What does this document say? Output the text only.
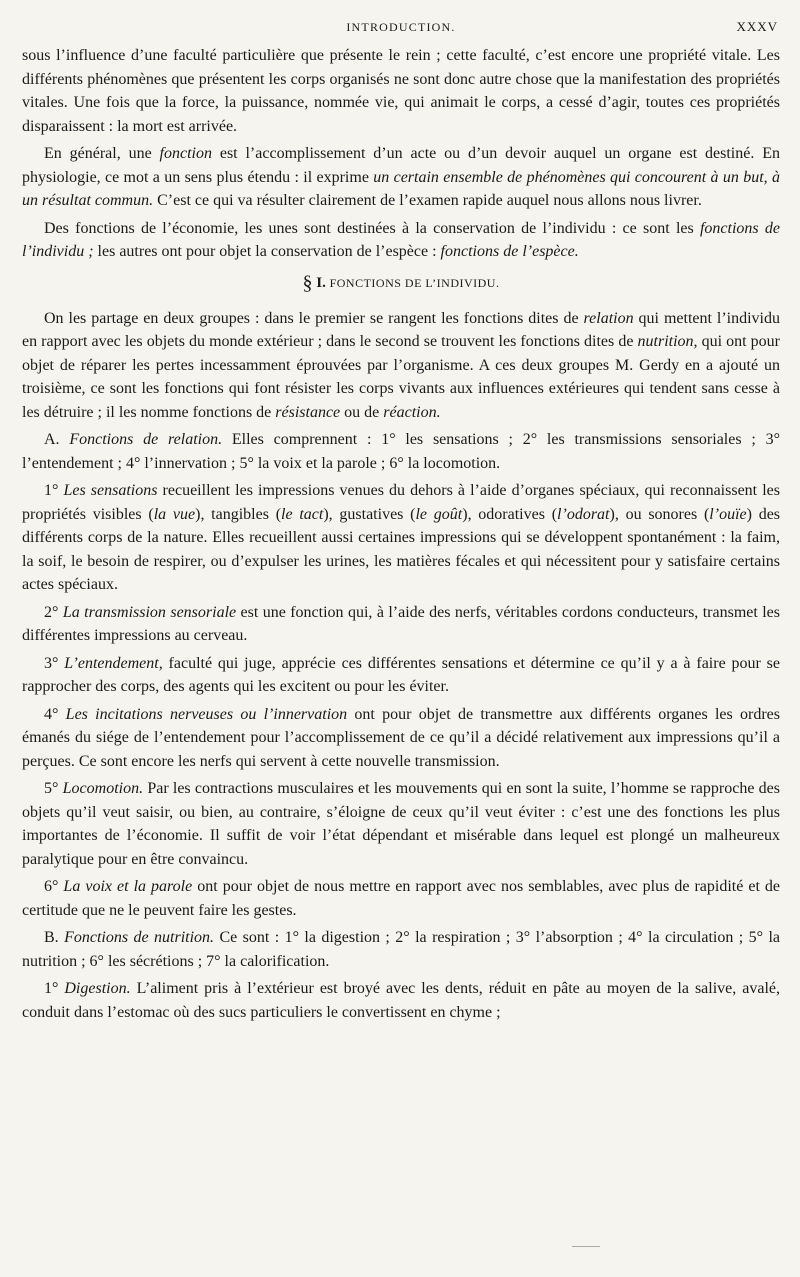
INTRODUCTION.	XXXV

sous l’influence d’une faculté particulière que présente le rein ; cette faculté, c’est encore une propriété vitale. Les différents phénomènes que présentent les corps organisés ne sont donc autre chose que la manifestation des propriétés vitales. Une fois que la force, la puissance, nommée vie, qui animait le corps, a cessé d’agir, toutes ces propriétés disparaissent : la mort est arrivée.

En général, une fonction est l’accomplissement d’un acte ou d’un devoir auquel un organe est destiné. En physiologie, ce mot a un sens plus étendu : il exprime un certain ensemble de phénomènes qui concourent à un but, à un résultat commun. C’est ce qui va résulter clairement de l’examen rapide auquel nous allons nous livrer.

Des fonctions de l’économie, les unes sont destinées à la conservation de l’individu : ce sont les fonctions de l’individu ; les autres ont pour objet la conservation de l’espèce : fonctions de l’espèce.

§ I. FONCTIONS DE L’INDIVIDU.

On les partage en deux groupes : dans le premier se rangent les fonctions dites de relation qui mettent l’individu en rapport avec les objets du monde extérieur ; dans le second se trouvent les fonctions dites de nutrition, qui ont pour objet de réparer les pertes incessamment éprouvées par l’organisme. A ces deux groupes M. Gerdy en a ajouté un troisième, ce sont les fonctions qui font résister les corps vivants aux influences extérieures qui tendent sans cesse à les détruire ; il les nomme fonctions de résistance ou de réaction.

A. Fonctions de relation. Elles comprennent : 1° les sensations ; 2° les transmissions sensoriales ; 3° l’entendement ; 4° l’innervation ; 5° la voix et la parole ; 6° la locomotion.

1° Les sensations recueillent les impressions venues du dehors à l’aide d’organes spéciaux, qui reconnaissent les propriétés visibles (la vue), tangibles (le tact), gustatives (le goût), odoratives (l’odorat), ou sonores (l’ouïe) des différents corps de la nature. Elles recueillent aussi certaines impressions qui se développent spontanément : la faim, la soif, le besoin de respirer, ou d’expulser les urines, les matières fécales et qui nécessitent pour y satisfaire certains actes spéciaux.

2° La transmission sensoriale est une fonction qui, à l’aide des nerfs, véritables cordons conducteurs, transmet les différentes impressions au cerveau.

3° L’entendement, faculté qui juge, apprécie ces différentes sensations et détermine ce qu’il y a à faire pour se rapprocher des corps, des agents qui les excitent ou pour les éviter.

4° Les incitations nerveuses ou l’innervation ont pour objet de transmettre aux différents organes les ordres émanés du siége de l’entendement pour l’accomplissement de ce qu’il a décidé relativement aux impressions qu’il a perçues. Ce sont encore les nerfs qui servent à cette nouvelle transmission.

5° Locomotion. Par les contractions musculaires et les mouvements qui en sont la suite, l’homme se rapproche des objets qu’il veut saisir, ou bien, au contraire, s’éloigne de ceux qu’il veut éviter : c’est une des fonctions les plus importantes de l’économie. Il suffit de voir l’état dépendant et misérable dans lequel est plongé un malheureux paralytique pour en être convaincu.

6° La voix et la parole ont pour objet de nous mettre en rapport avec nos semblables, avec plus de rapidité et de certitude que ne le peuvent faire les gestes.

B. Fonctions de nutrition. Ce sont : 1° la digestion ; 2° la respiration ; 3° l’absorption ; 4° la circulation ; 5° la nutrition ; 6° les sécrétions ; 7° la calorification.

1° Digestion. L’aliment pris à l’extérieur est broyé avec les dents, réduit en pâte au moyen de la salive, avalé, conduit dans l’estomac où des sucs particuliers le convertissent en chyme ;
